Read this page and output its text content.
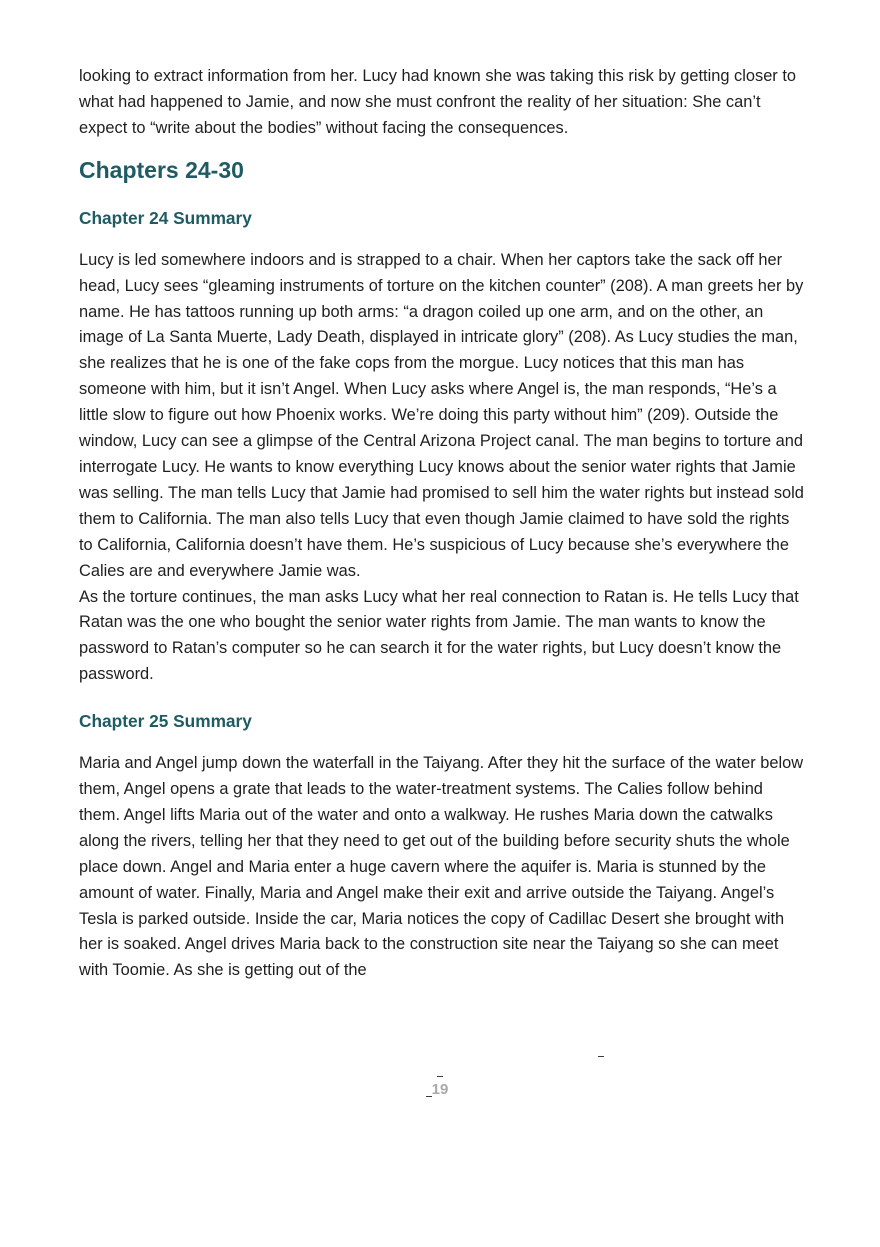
looking to extract information from her. Lucy had known she was taking this risk by getting closer to what had happened to Jamie, and now she must confront the reality of her situation: She can’t expect to “write about the bodies” without facing the consequences.

Chapters 24-30
Chapter 24 Summary

Lucy is led somewhere indoors and is strapped to a chair. When her captors take the sack off her head, Lucy sees “gleaming instruments of torture on the kitchen counter” (208). A man greets her by name. He has tattoos running up both arms: “a dragon coiled up one arm, and on the other, an image of La Santa Muerte, Lady Death, displayed in intricate glory” (208). As Lucy studies the man, she realizes that he is one of the fake cops from the morgue. Lucy notices that this man has someone with him, but it isn’t Angel. When Lucy asks where Angel is, the man responds, “He’s a little slow to figure out how Phoenix works. We’re doing this party without him” (209). Outside the window, Lucy can see a glimpse of the Central Arizona Project canal. The man begins to torture and interrogate Lucy. He wants to know everything Lucy knows about the senior water rights that Jamie was selling. The man tells Lucy that Jamie had promised to sell him the water rights but instead sold them to California. The man also tells Lucy that even though Jamie claimed to have sold the rights to California, California doesn’t have them. He’s suspicious of Lucy because she’s everywhere the Calies are and everywhere Jamie was.

As the torture continues, the man asks Lucy what her real connection to Ratan is. He tells Lucy that Ratan was the one who bought the senior water rights from Jamie. The man wants to know the password to Ratan’s computer so he can search it for the water rights, but Lucy doesn’t know the password.

Chapter 25 Summary

Maria and Angel jump down the waterfall in the Taiyang. After they hit the surface of the water below them, Angel opens a grate that leads to the water-treatment systems. The Calies follow behind them. Angel lifts Maria out of the water and onto a walkway. He rushes Maria down the catwalks along the rivers, telling her that they need to get out of the building before security shuts the whole place down. Angel and Maria enter a huge cavern where the aquifer is. Maria is stunned by the amount of water. Finally, Maria and Angel make their exit and arrive outside the Taiyang. Angel’s Tesla is parked outside. Inside the car, Maria notices the copy of Cadillac Desert she brought with her is soaked. Angel drives Maria back to the construction site near the Taiyang so she can meet with Toomie. As she is getting out of the

19
